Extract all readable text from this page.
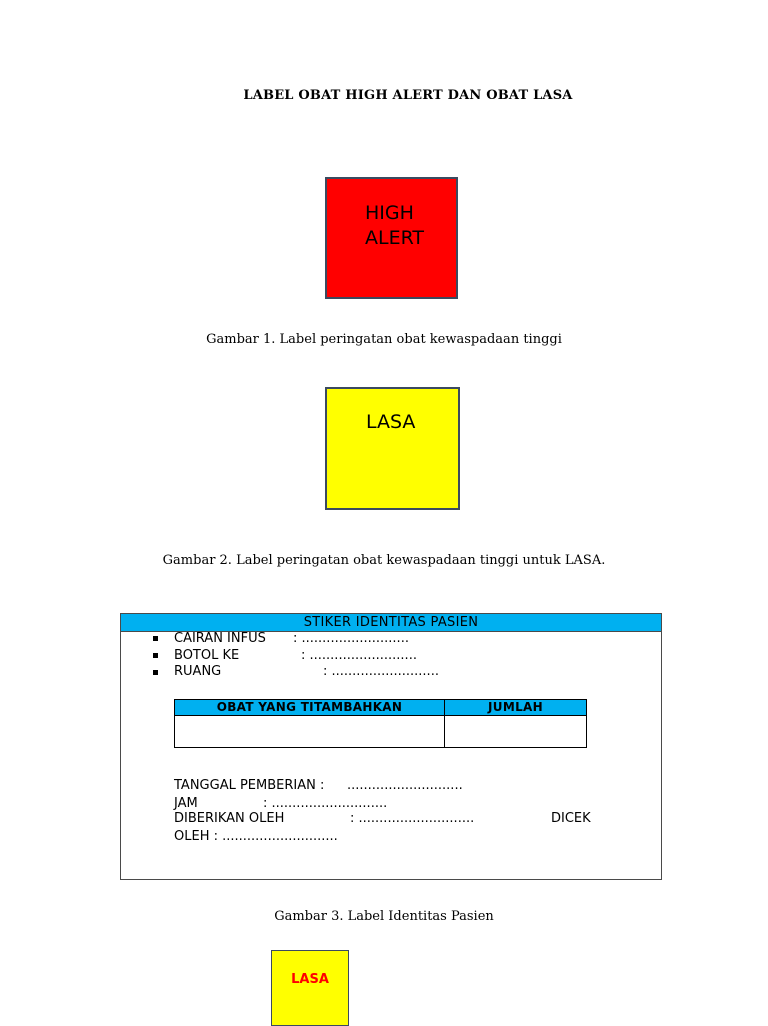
LABEL OBAT HIGH ALERT DAN OBAT LASA
HIGH
ALERT
Gambar 1. Label peringatan obat kewaspadaan tinggi
LASA
Gambar 2. Label peringatan obat kewaspadaan tinggi untuk LASA.
STIKER IDENTITAS PASIEN
CAIRAN INFUS : ..........................
BOTOL KE	: ..........................
RUANG	: ..........................
OBAT YANG TITAMBAHKAN	JUMLAH
TANGGAL PEMBERIAN : ............................
JAM	: ............................
DIBERIKAN OLEH	: ............................	DICEK
OLEH : ............................
Gambar 3. Label Identitas Pasien
LASA
